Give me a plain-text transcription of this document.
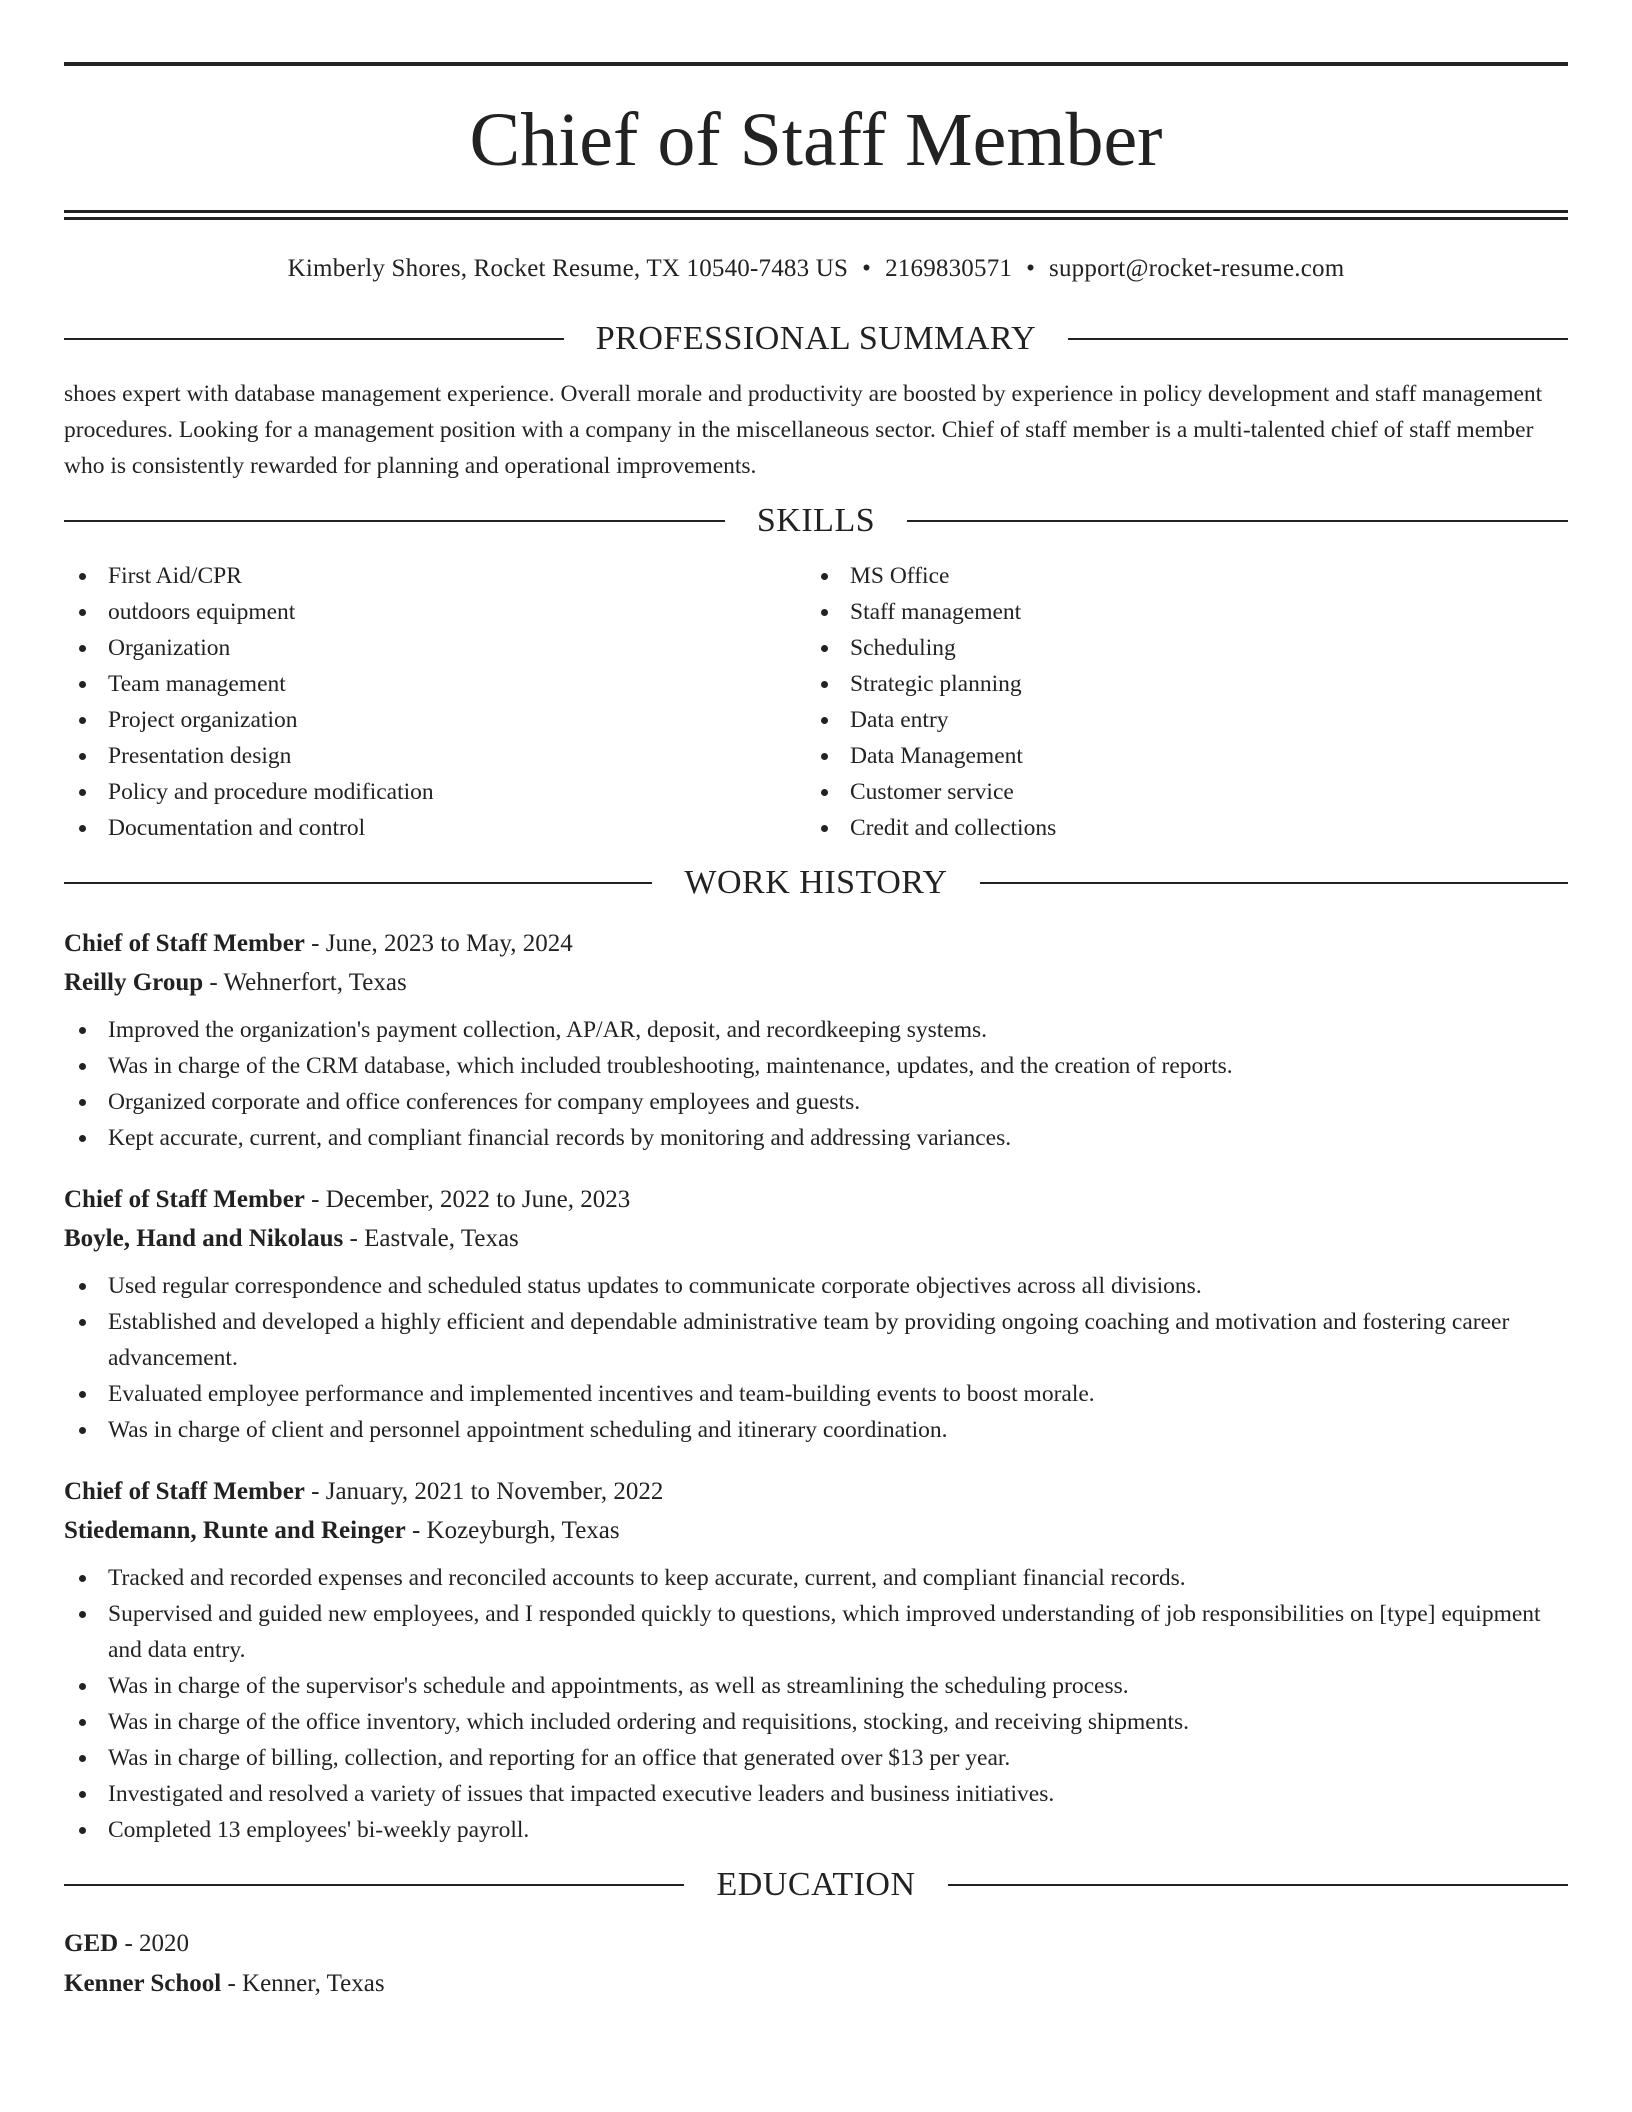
Chief of Staff Member
Kimberly Shores, Rocket Resume, TX 10540-7483 US • 2169830571 • support@rocket-resume.com
PROFESSIONAL SUMMARY
shoes expert with database management experience. Overall morale and productivity are boosted by experience in policy development and staff management procedures. Looking for a management position with a company in the miscellaneous sector. Chief of staff member is a multi-talented chief of staff member who is consistently rewarded for planning and operational improvements.
SKILLS
First Aid/CPR
outdoors equipment
Organization
Team management
Project organization
Presentation design
Policy and procedure modification
Documentation and control
MS Office
Staff management
Scheduling
Strategic planning
Data entry
Data Management
Customer service
Credit and collections
WORK HISTORY
Chief of Staff Member - June, 2023 to May, 2024
Reilly Group - Wehnerfort, Texas
Improved the organization's payment collection, AP/AR, deposit, and recordkeeping systems.
Was in charge of the CRM database, which included troubleshooting, maintenance, updates, and the creation of reports.
Organized corporate and office conferences for company employees and guests.
Kept accurate, current, and compliant financial records by monitoring and addressing variances.
Chief of Staff Member - December, 2022 to June, 2023
Boyle, Hand and Nikolaus - Eastvale, Texas
Used regular correspondence and scheduled status updates to communicate corporate objectives across all divisions.
Established and developed a highly efficient and dependable administrative team by providing ongoing coaching and motivation and fostering career advancement.
Evaluated employee performance and implemented incentives and team-building events to boost morale.
Was in charge of client and personnel appointment scheduling and itinerary coordination.
Chief of Staff Member - January, 2021 to November, 2022
Stiedemann, Runte and Reinger - Kozeyburgh, Texas
Tracked and recorded expenses and reconciled accounts to keep accurate, current, and compliant financial records.
Supervised and guided new employees, and I responded quickly to questions, which improved understanding of job responsibilities on [type] equipment and data entry.
Was in charge of the supervisor's schedule and appointments, as well as streamlining the scheduling process.
Was in charge of the office inventory, which included ordering and requisitions, stocking, and receiving shipments.
Was in charge of billing, collection, and reporting for an office that generated over $13 per year.
Investigated and resolved a variety of issues that impacted executive leaders and business initiatives.
Completed 13 employees' bi-weekly payroll.
EDUCATION
GED - 2020
Kenner School - Kenner, Texas
